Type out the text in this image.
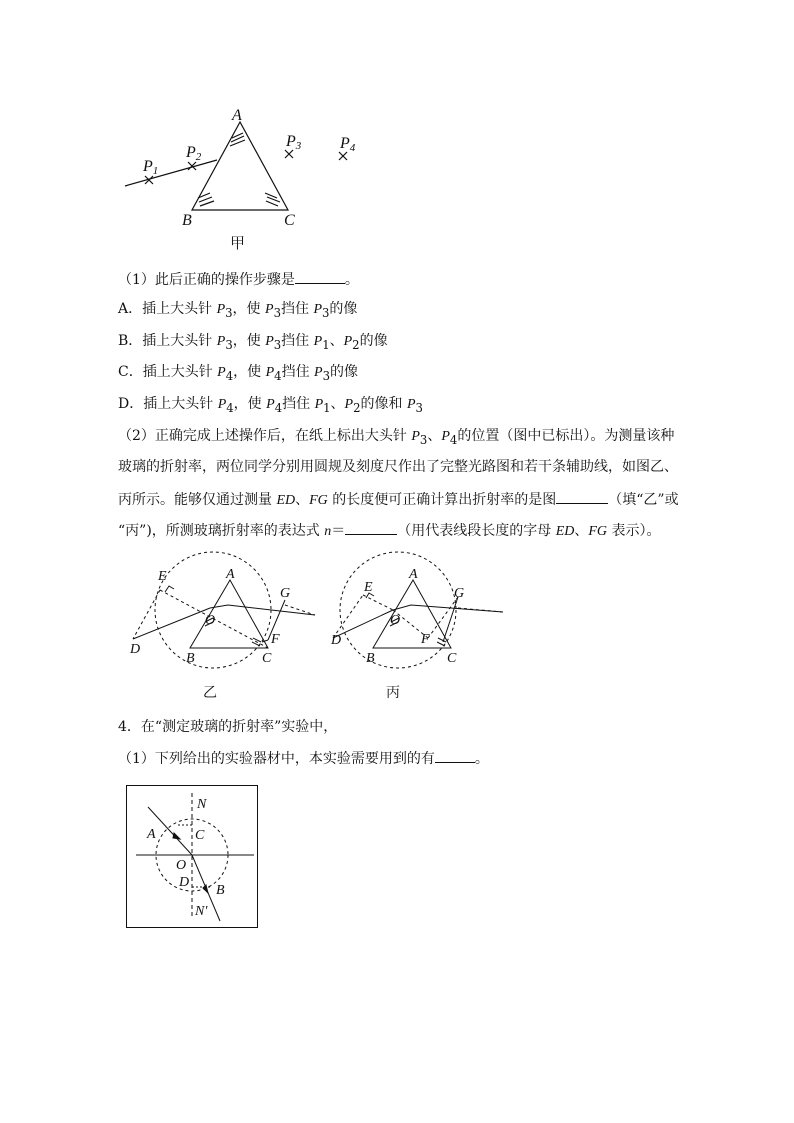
A
B	C
P1
P2
P3 P4
甲
（1）此后正确的操作步骤是	。
A．插上大头针 $P_3$，使 $P_3$挡住 $P_3$的像
B．插上大头针 $P_3$，使 $P_3$挡住 $P_1$、$P_2$的像
C．插上大头针 $P_4$，使 $P_4$挡住 $P_3$的像
D．插上大头针 $P_4$，使 $P_4$挡住 $P_1$、$P_2$的像和 $P_3$
（2）正确完成上述操作后，在纸上标出大头针 $P_3$、$P_4$的位置（图中已标出）。为测量该种
玻璃的折射率，两位同学分别用圆规及刻度尺作出了完整光路图和若干条辅助线，如图乙、
丙所示。能够仅通过测量 ED、FG 的长度便可正确计算出折射率的是图	（填“乙”或
“丙”)，所测玻璃折射率的表达式 n＝	（用代表线段长度的字母 ED、FG 表示）。
A
B	C
D
E
F
G
O
乙
A
B	C
D
E
F
G
O
丙
4．在“测定玻璃的折射率”实验中，
（1）下列给出的实验器材中，本实验需要用到的有	。
N
A	C
O
D
B
N′
